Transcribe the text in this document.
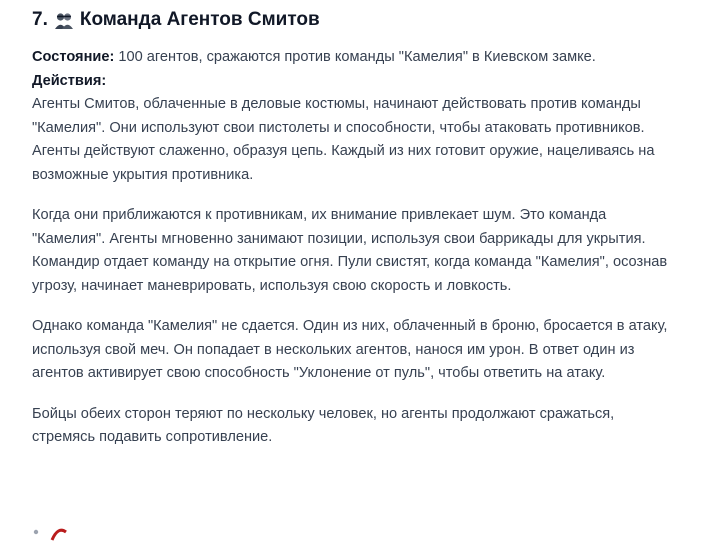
7. Команда Агентов Смитов

Состояние: 100 агентов, сражаются против команды "Камелия" в Киевском замке.

Действия:

Агенты Смитов, облаченные в деловые костюмы, начинают действовать против команды "Камелия". Они используют свои пистолеты и способности, чтобы атаковать противников. Агенты действуют слаженно, образуя цепь. Каждый из них готовит оружие, нацеливаясь на возможные укрытия противника.

Когда они приближаются к противникам, их внимание привлекает шум. Это команда "Камелия". Агенты мгновенно занимают позиции, используя свои баррикады для укрытия. Командир отдает команду на открытие огня. Пули свистят, когда команда "Камелия", осознав угрозу, начинает маневрировать, используя свою скорость и ловкость.

Однако команда "Камелия" не сдается. Один из них, облаченный в броню, бросается в атаку, используя свой меч. Он попадает в нескольких агентов, нанося им урон. В ответ один из агентов активирует свою способность "Уклонение от пуль", чтобы ответить на атаку.

Бойцы обеих сторон теряют по нескольку человек, но агенты продолжают сражаться, стремясь подавить сопротивление.
